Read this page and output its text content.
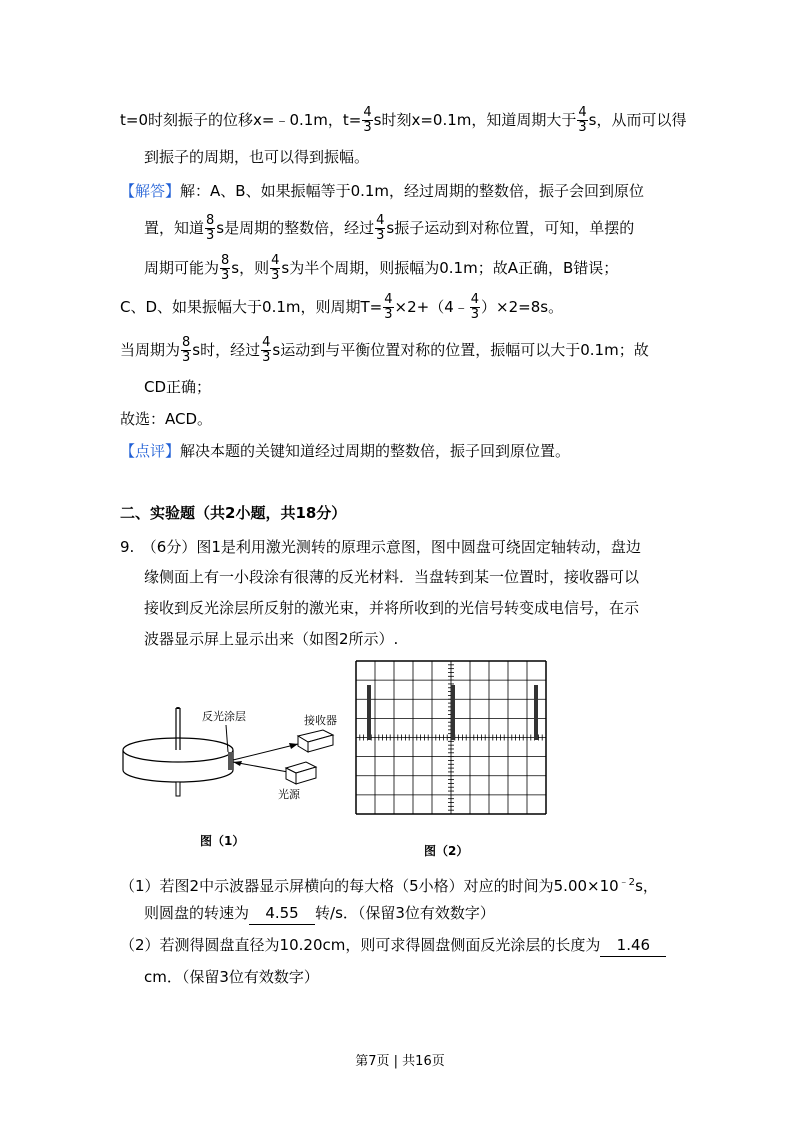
t=0时刻振子的位移x=﹣0.1m，$t= \frac{4}{3}$ s时刻x=0.1m，知道周期大于 $\frac{4}{3}$ s，从而可以得
到振子的周期，也可以得到振幅。
【解答】解：A、B、如果振幅等于0.1m，经过周期的整数倍，振子会回到原位
置，知道 $\frac{8}{3}$ s是周期的整数倍，经过 $\frac{4}{3}$ s振子运动到对称位置，可知，单摆的
周期可能为 $\frac{8}{3}$ s，则 $\frac{4}{3}$ s为半个周期，则振幅为0.1m；故A正确，B错误；
C、D、如果振幅大于0.1m，则周期$T= \frac{4}{3}$ ×2+（4﹣ $\frac{4}{3} )\times 2=8s$。
当周期为 $\frac{8}{3}$ s时，经过 $\frac{4}{3}$ s运动到与平衡位置对称的位置，振幅可以大于0.1m；故
CD正确；
故选：ACD。
【点评】解决本题的关键知道经过周期的整数倍，振子回到原位置。
二、实验题（共2小题，共18分）
9.　（6分）图1是利用激光测转的原理示意图，图中圆盘可绕固定轴转动，盘边
缘侧面上有一小段涂有很薄的反光材料．当盘转到某一位置时，接收器可以
接收到反光涂层所反射的激光束，并将所收到的光信号转变成电信号，在示
波器显示屏上显示出来（如图2所示）.
反光涂层	接收器
光源
图（1）
图（2）
（1）若图2中示波器显示屏横向的每大格（5小格）对应的时间为$5.00\times 10^{﹣2}s$，
则圆盘的转速为 4.55 转/s．（保留3位有效数字）
（2）若测得圆盘直径为10.20cm，则可求得圆盘侧面反光涂层的长度为 1.46
cm．（保留3位有效数字）
第7页 | 共16页
